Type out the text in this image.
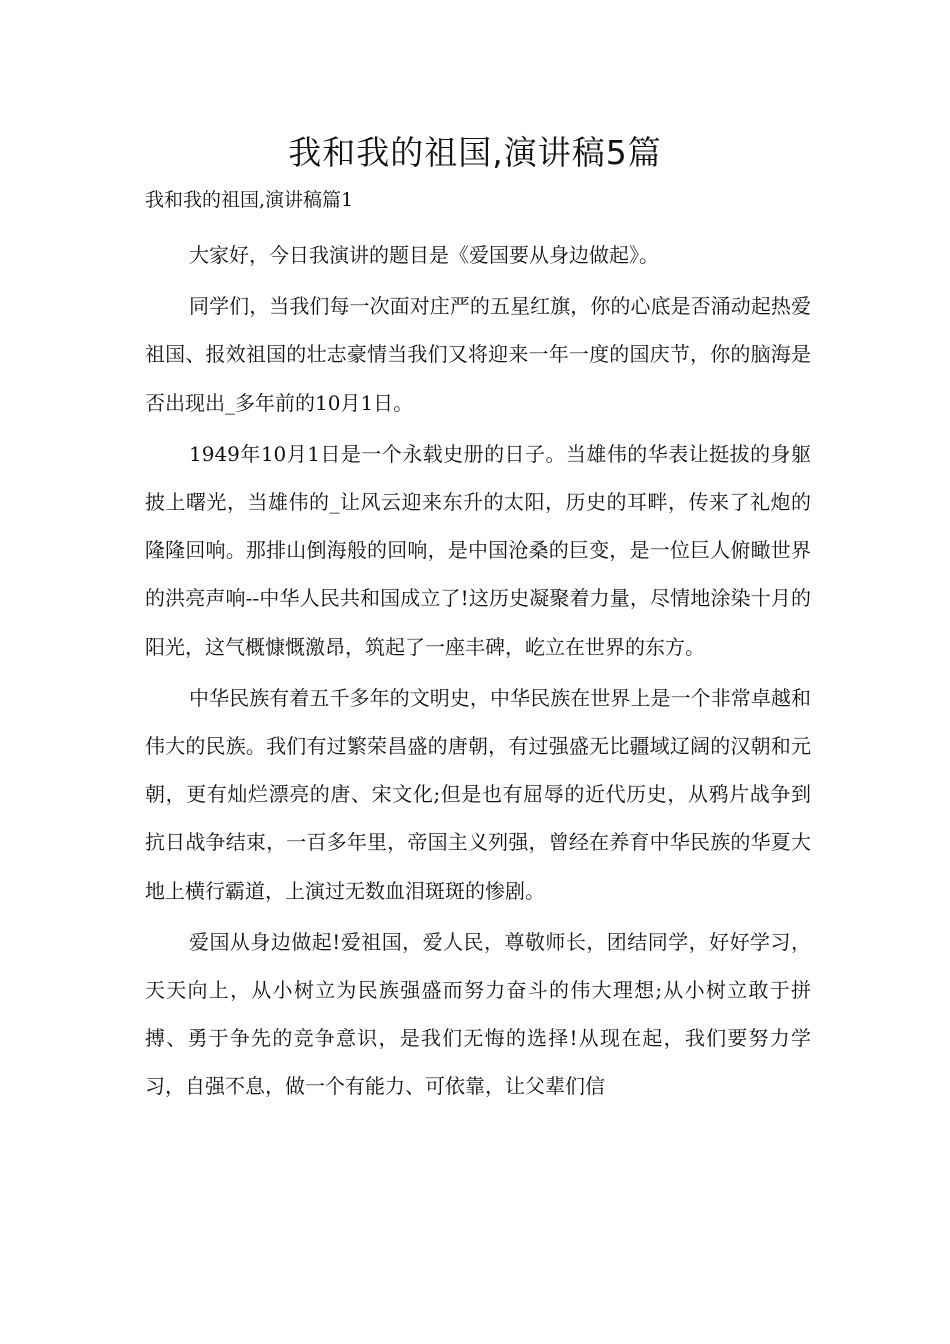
我和我的祖国,演讲稿5篇
我和我的祖国,演讲稿篇1

大家好，今日我演讲的题目是《爱国要从身边做起》。

同学们，当我们每一次面对庄严的五星红旗，你的心底是否涌动起热爱祖国、报效祖国的壮志豪情当我们又将迎来一年一度的国庆节，你的脑海是否出现出_多年前的10月1日。

1949年10月1日是一个永载史册的日子。当雄伟的华表让挺拔的身躯披上曙光，当雄伟的_让风云迎来东升的太阳，历史的耳畔，传来了礼炮的隆隆回响。那排山倒海般的回响，是中国沧桑的巨变，是一位巨人俯瞰世界的洪亮声响--中华人民共和国成立了!这历史凝聚着力量，尽情地涂染十月的阳光，这气概慷慨激昂，筑起了一座丰碑，屹立在世界的东方。

中华民族有着五千多年的文明史，中华民族在世界上是一个非常卓越和伟大的民族。我们有过繁荣昌盛的唐朝，有过强盛无比疆域辽阔的汉朝和元朝，更有灿烂漂亮的唐、宋文化;但是也有屈辱的近代历史，从鸦片战争到抗日战争结束，一百多年里，帝国主义列强，曾经在养育中华民族的华夏大地上横行霸道，上演过无数血泪斑斑的惨剧。

爱国从身边做起!爱祖国，爱人民，尊敬师长，团结同学，好好学习，天天向上，从小树立为民族强盛而努力奋斗的伟大理想;从小树立敢于拼搏、勇于争先的竞争意识，是我们无悔的选择!从现在起，我们要努力学习，自强不息，做一个有能力、可依靠，让父辈们信
